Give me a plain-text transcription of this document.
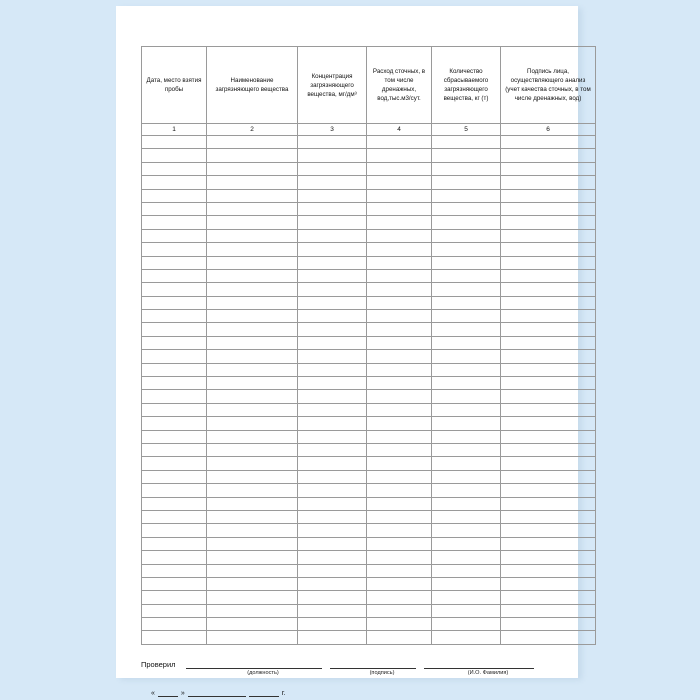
Дата, место взятия пробы	Наименование загрязняющего вещества	Концентрация загрязняющего вещества, мг/дм³	Расход сточных, в том числе дренажных, вод,тыс.м3/сут.	Количество сбрасываемого загрязняющего вещества, кг (т)	Подпись лица, осуществляющего анализ (учет качества сточных, в том числе дренажных, вод)
1	2	3	4	5	6

Проверил
(должность)	(подпись)	(И.О. Фамилия)
«	»	г.
